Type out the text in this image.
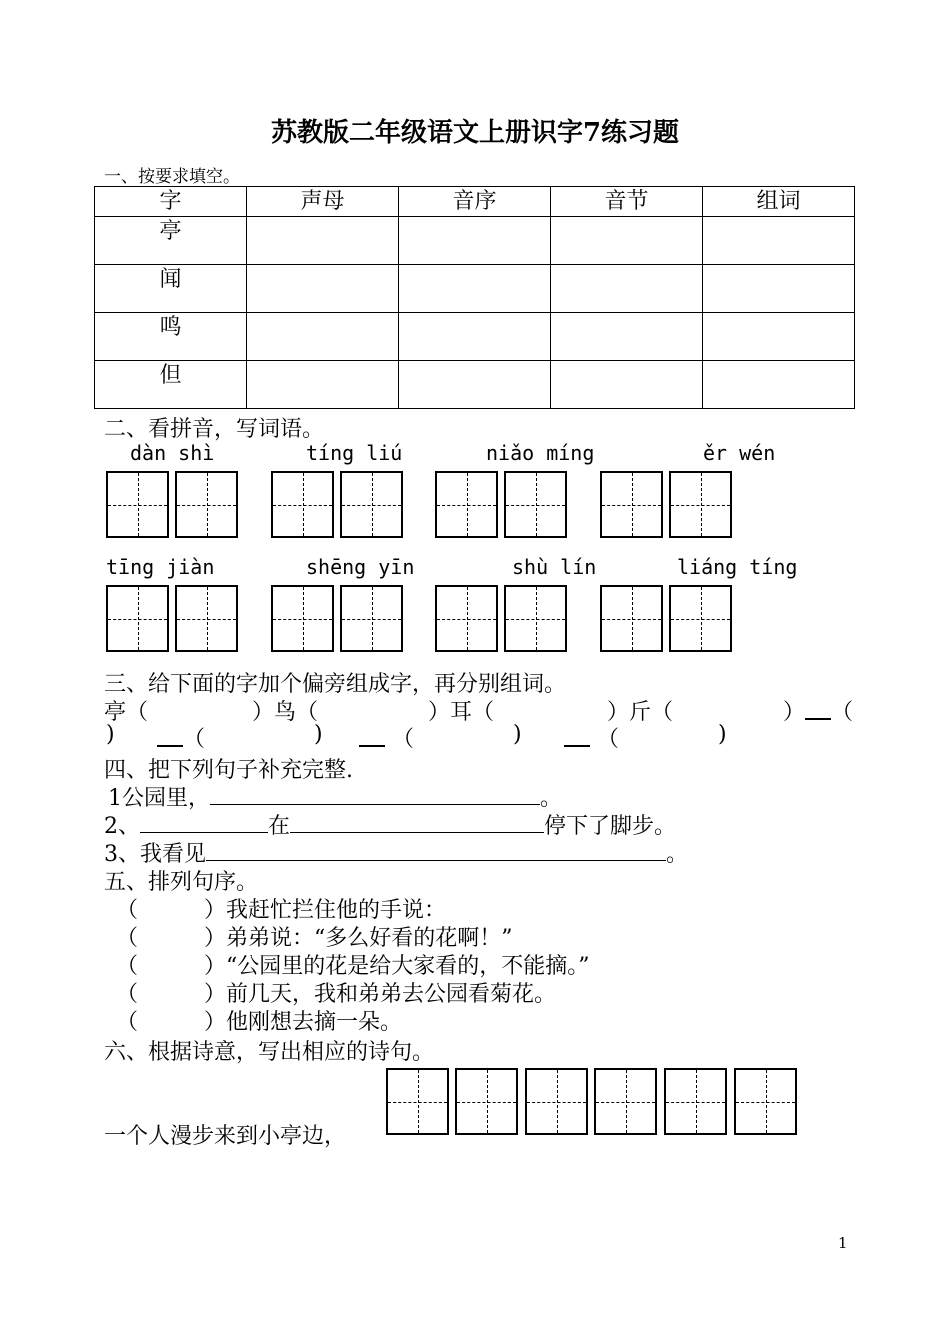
苏教版二年级语文上册识字7练习题
一、按要求填空。
字	声母	音序	音节	组词
亭				
闻				
鸣				
但				
二、看拼音，写词语。
dàn shì	tíng liú	niǎo míng	ěr wén
tīng jiàn	shēng yīn	shù lín	liáng tíng
三、给下面的字加个偏旁组成字，再分别组词。
亭（	）鸟（	）耳（	）斤（	） （
)	（	)	（	)	（	)
四、把下列句子补充完整.
1公园里，	。
2、	在	停下了脚步。
3、我看见	。
五、排列句序。
（   ）我赶忙拦住他的手说：
（   ）弟弟说：“多么好看的花啊！”
（   ）“公园里的花是给大家看的，不能摘。”
（   ）前几天，我和弟弟去公园看菊花。
（   ）他刚想去摘一朵。
六、根据诗意，写出相应的诗句。
一个人漫步来到小亭边，
1
